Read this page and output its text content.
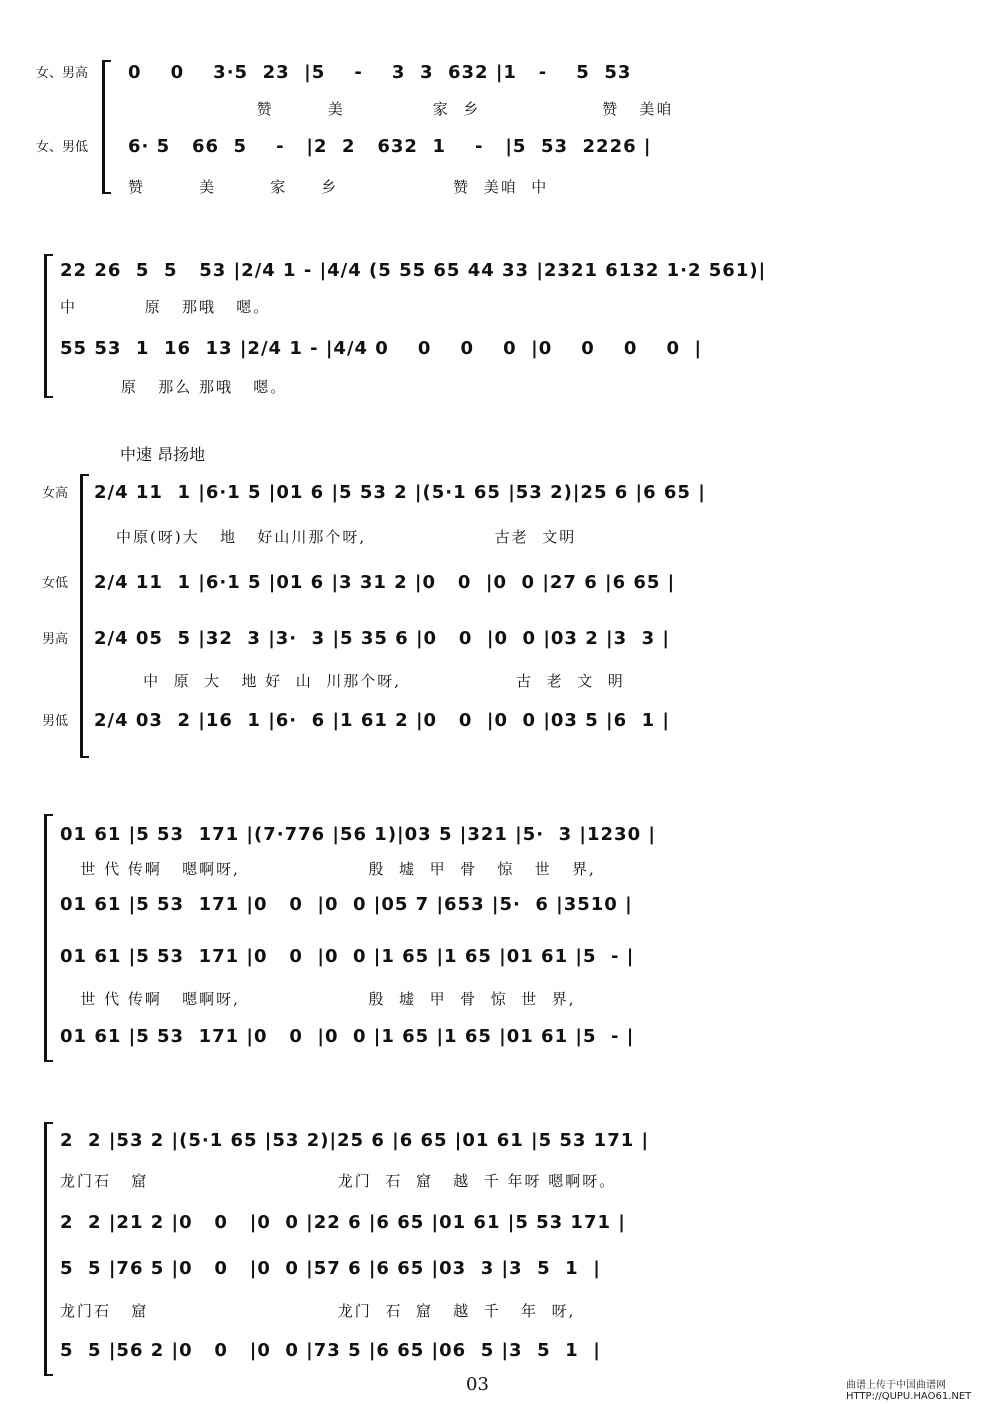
女、男高 0    0    3·5  23  |5    -    3  3  632 |1   -    5  53
赞        美             家  乡                  赞   美咱
女、男低 6· 5   66  5    -   |2  2   632  1    -   |5  53  2226 |
赞        美        家     乡                 赞  美咱  中
22 26  5  5   53 |2/4 1 - |4/4 (5 55 65 44 33 |2321 6132 1·2 561)|
中          原   那哦   嗯。
55 53  1  16  13 |2/4 1 - |4/4 0    0    0    0  |0    0    0    0  |
原   那么 那哦   嗯。
中速 昂扬地
女高 2/4 11  1 |6·1 5 |01 6 |5 53 2 |(5·1 65 |53 2)|25 6 |6 65 |
中原(呀)大   地   好山川那个呀,                   古老  文明
女低 2/4 11  1 |6·1 5 |01 6 |3 31 2 |0   0  |0  0 |27 6 |6 65 |
男高 2/4 05  5 |32  3 |3·  3 |5 35 6 |0   0  |0  0 |03 2 |3  3 |
中  原  大   地 好  山  川那个呀,                 古  老  文  明
男低 2/4 03  2 |16  1 |6·  6 |1 61 2 |0   0  |0  0 |03 5 |6  1 |
01 61 |5 53  171 |(7·776 |56 1)|03 5 |321 |5·  3 |1230 |
世 代 传啊   嗯啊呀,                   殷  墟  甲  骨   惊   世   界,
01 61 |5 53  171 |0   0  |0  0 |05 7 |653 |5·  6 |3510 |
01 61 |5 53  171 |0   0  |0  0 |1 65 |1 65 |01 61 |5  - |
世 代 传啊   嗯啊呀,                   殷  墟  甲  骨  惊  世  界,
01 61 |5 53  171 |0   0  |0  0 |1 65 |1 65 |01 61 |5  - |
2  2 |53 2 |(5·1 65 |53 2)|25 6 |6 65 |01 61 |5 53 171 |
龙门石   窟                            龙门  石  窟   越  千 年呀 嗯啊呀。
2  2 |21 2 |0   0   |0  0 |22 6 |6 65 |01 61 |5 53 171 |
5  5 |76 5 |0   0   |0  0 |57 6 |6 65 |03  3 |3  5  1  |
龙门石   窟                            龙门  石  窟   越  千   年  呀,
5  5 |56 2 |0   0   |0  0 |73 5 |6 65 |06  5 |3  5  1  |
03	曲谱上传于中国曲谱网
HTTP://QUPU.HAO61.NET
